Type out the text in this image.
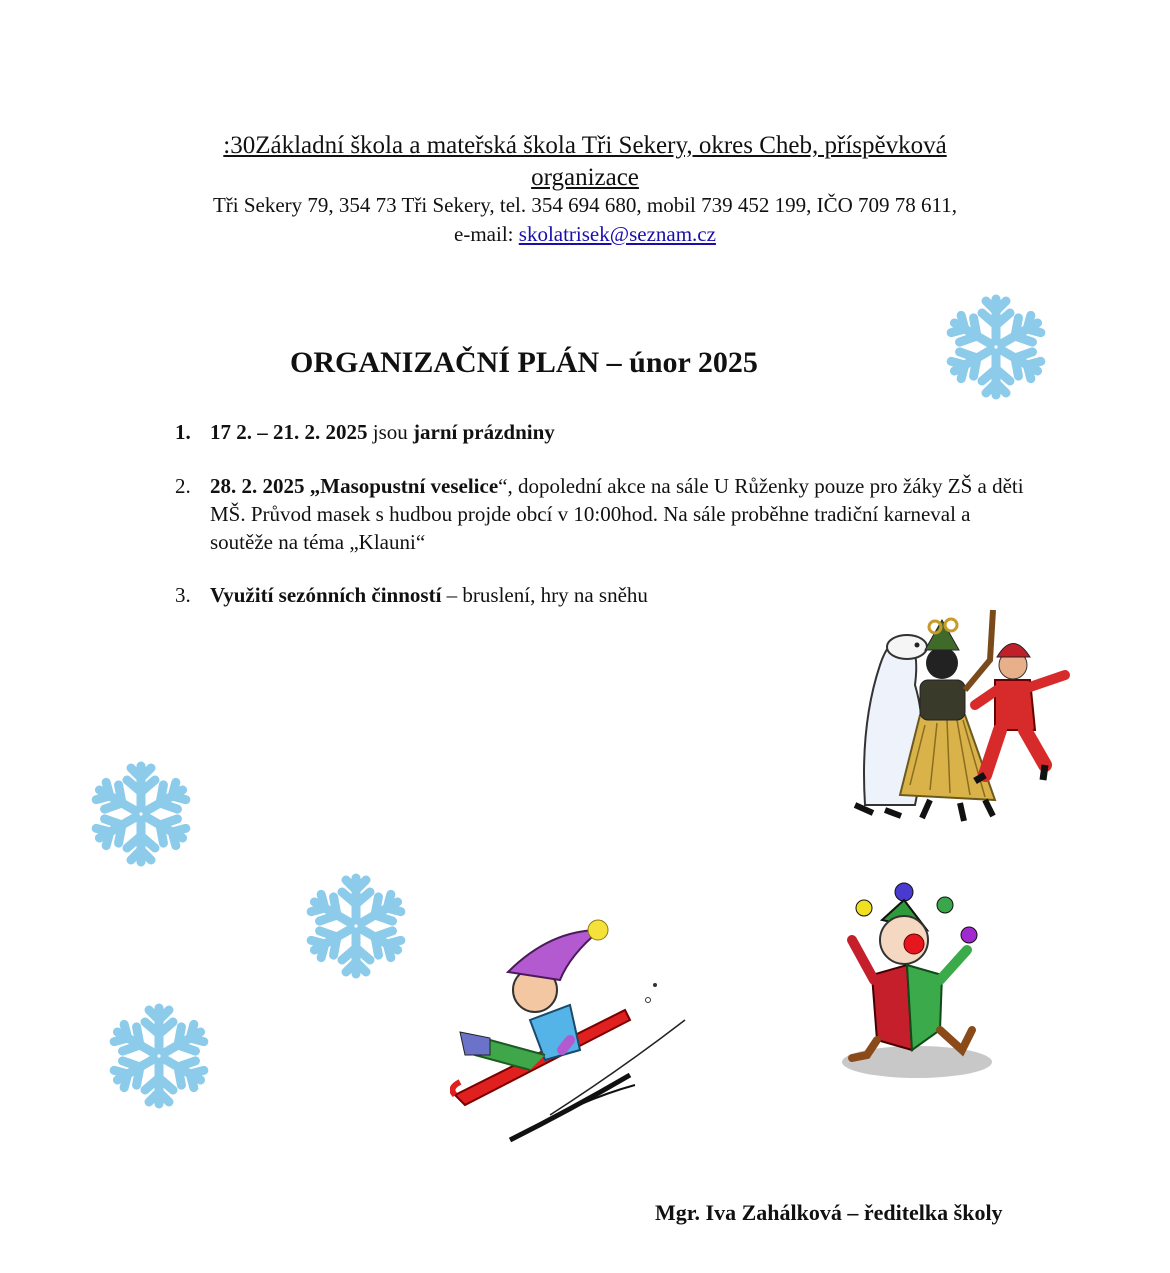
:30Základní škola a mateřská škola Tři Sekery, okres Cheb, příspěvková
organizace
Tři Sekery 79, 354 73 Tři Sekery, tel. 354 694 680, mobil 739 452 199, IČO 709 78 611,
e-mail: skolatrisek@seznam.cz
ORGANIZAČNÍ PLÁN – únor 2025
1. 17 2. – 21. 2. 2025 jsou jarní prázdniny
2. 28. 2. 2025 „Masopustní veselice“, dopolední akce na sále U Růženky pouze pro žáky ZŠ a děti MŠ. Průvod masek s hudbou projde obcí v 10:00hod. Na sále proběhne tradiční karneval a soutěže na téma „Klauni“
3. Využití sezónních činností – bruslení, hry na sněhu
Mgr. Iva Zahálková – ředitelka školy
